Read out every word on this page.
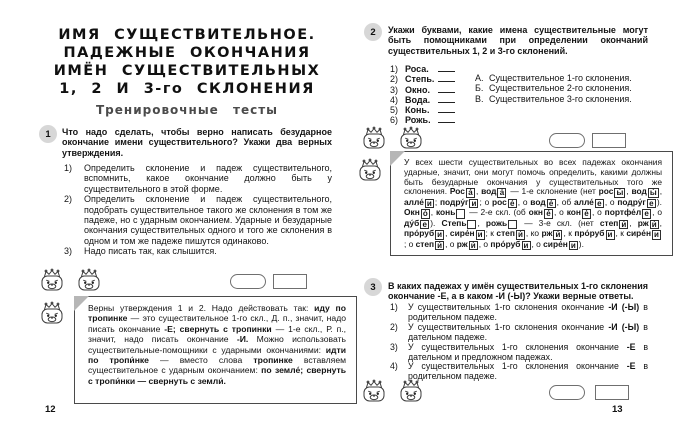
ИМЯ СУЩЕСТВИТЕЛЬНОЕ.
ПАДЕЖНЫЕ ОКОНЧАНИЯ
ИМЁН СУЩЕСТВИТЕЛЬНЫХ
1, 2 И 3-го СКЛОНЕНИЯ
Тренировочные тесты
1	Что надо сделать, чтобы верно написать безударное окончание имени существительного? Укажи два верных утверждения.
1) Определить склонение и падеж существительного, вспомнить, какое окончание должно быть у существительного в этой форме.
2) Определить склонение и падеж существительного, подобрать существительное такого же склонения в том же падеже, но с ударным окончанием. Ударные и безударные окончания существительных одного и того же склонения в одном и том же падеже пишутся одинаково.
3) Надо писать так, как слышится.

Верны утверждения 1 и 2. Надо действовать так: иду по тропинке — это существительное 1-го скл., Д. п., значит, надо писать окончание -Е; свернуть с тропинки — 1-е скл., Р. п., значит, надо писать окончание -И. Можно использовать существительные-помощники с ударными окончаниями: идти по тропи́нке — вместо слова тропинке вставляем существительное с ударным окончанием: по земле́; свернуть с тропи́нки — свернуть с земли́.

12
2	Укажи буквами, какие имена существительные могут быть помощниками при определении окончаний существительных 1, 2 и 3-го склонений.
1) Роса.
2) Степь.
3) Окно.
4) Вода.
5) Конь.
6) Рожь.
А. Существительное 1-го склонения.
Б. Существительное 2-го склонения.
В. Существительное 3-го склонения.

У всех шести существительных во всех падежах окончания ударные, значит, они могут помочь определить, какими должны быть безударные окончания у существительных того же склонения. Рос а́ , вод а́ — 1-е склонение (нет рос ы́ , вод ы́ , алле́ и ; подру́г и ; о рос е́ , о вод е́ , об алле́ е , о подру́г е ). Окн о́ , конь  — 2-е скл. (об окн е́ , о кон е́ , о портфе́л е , о ду́б е ). Степь , рожь  — 3-е скл. (нет степ и́ , рж и́ , про́руб и , сире́н и ; к степ и́ , ко рж и́ , к про́руб и , к сире́н и; о степ и́ , о рж и́ , о про́руб и , о сире́н и ).

3	В каких падежах у имён существительных 1-го склонения окончание -Е, а в каком -И (-Ы)? Укажи верные ответы.
1) У существительных 1-го склонения окончание -И (-Ы) в родительном падеже.
2) У существительных 1-го склонения окончание -И (-Ы) в дательном падеже.
3) У существительных 1-го склонения окончание -Е в дательном и предложном падежах.
4) У существительных 1-го склонения окончание -Е в родительном падеже.
13
